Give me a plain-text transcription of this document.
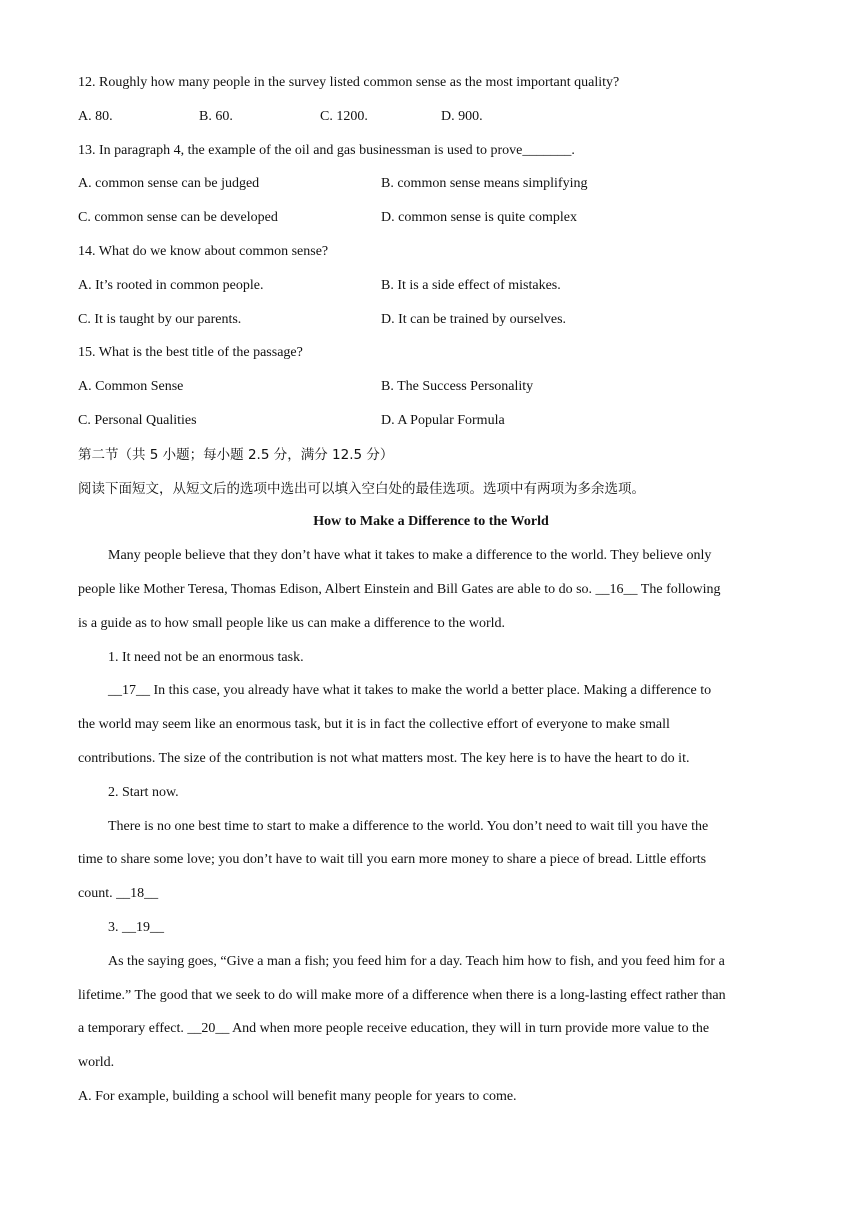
12. Roughly how many people in the survey listed common sense as the most important quality?
A. 80.	B. 60.	C. 1200.	D. 900.
13. In paragraph 4, the example of the oil and gas businessman is used to prove_______.
A. common sense can be judged	B. common sense means simplifying
C. common sense can be developed	D. common sense is quite complex
14. What do we know about common sense?
A. It’s rooted in common people.	B. It is a side effect of mistakes.
C. It is taught by our parents.	D. It can be trained by ourselves.
15. What is the best title of the passage?
A. Common Sense	B. The Success Personality
C. Personal Qualities	D. A Popular Formula
第二节（共 5 小题；每小题 2.5 分，满分 12.5 分）
阅读下面短文，从短文后的选项中选出可以填入空白处的最佳选项。选项中有两项为多余选项。
How to Make a Difference to the World
Many people believe that they don’t have what it takes to make a difference to the world. They believe only
people like Mother Teresa, Thomas Edison, Albert Einstein and Bill Gates are able to do so. __16__ The following
is a guide as to how small people like us can make a difference to the world.
1. It need not be an enormous task.
__17__ In this case, you already have what it takes to make the world a better place. Making a difference to
the world may seem like an enormous task, but it is in fact the collective effort of everyone to make small
contributions. The size of the contribution is not what matters most. The key here is to have the heart to do it.
2. Start now.
There is no one best time to start to make a difference to the world. You don’t need to wait till you have the
time to share some love; you don’t have to wait till you earn more money to share a piece of bread. Little efforts
count. __18__
3. __19__
As the saying goes, “Give a man a fish; you feed him for a day. Teach him how to fish, and you feed him for a
lifetime.” The good that we seek to do will make more of a difference when there is a long-lasting effect rather than
a temporary effect. __20__ And when more people receive education, they will in turn provide more value to the
world.
A. For example, building a school will benefit many people for years to come.
